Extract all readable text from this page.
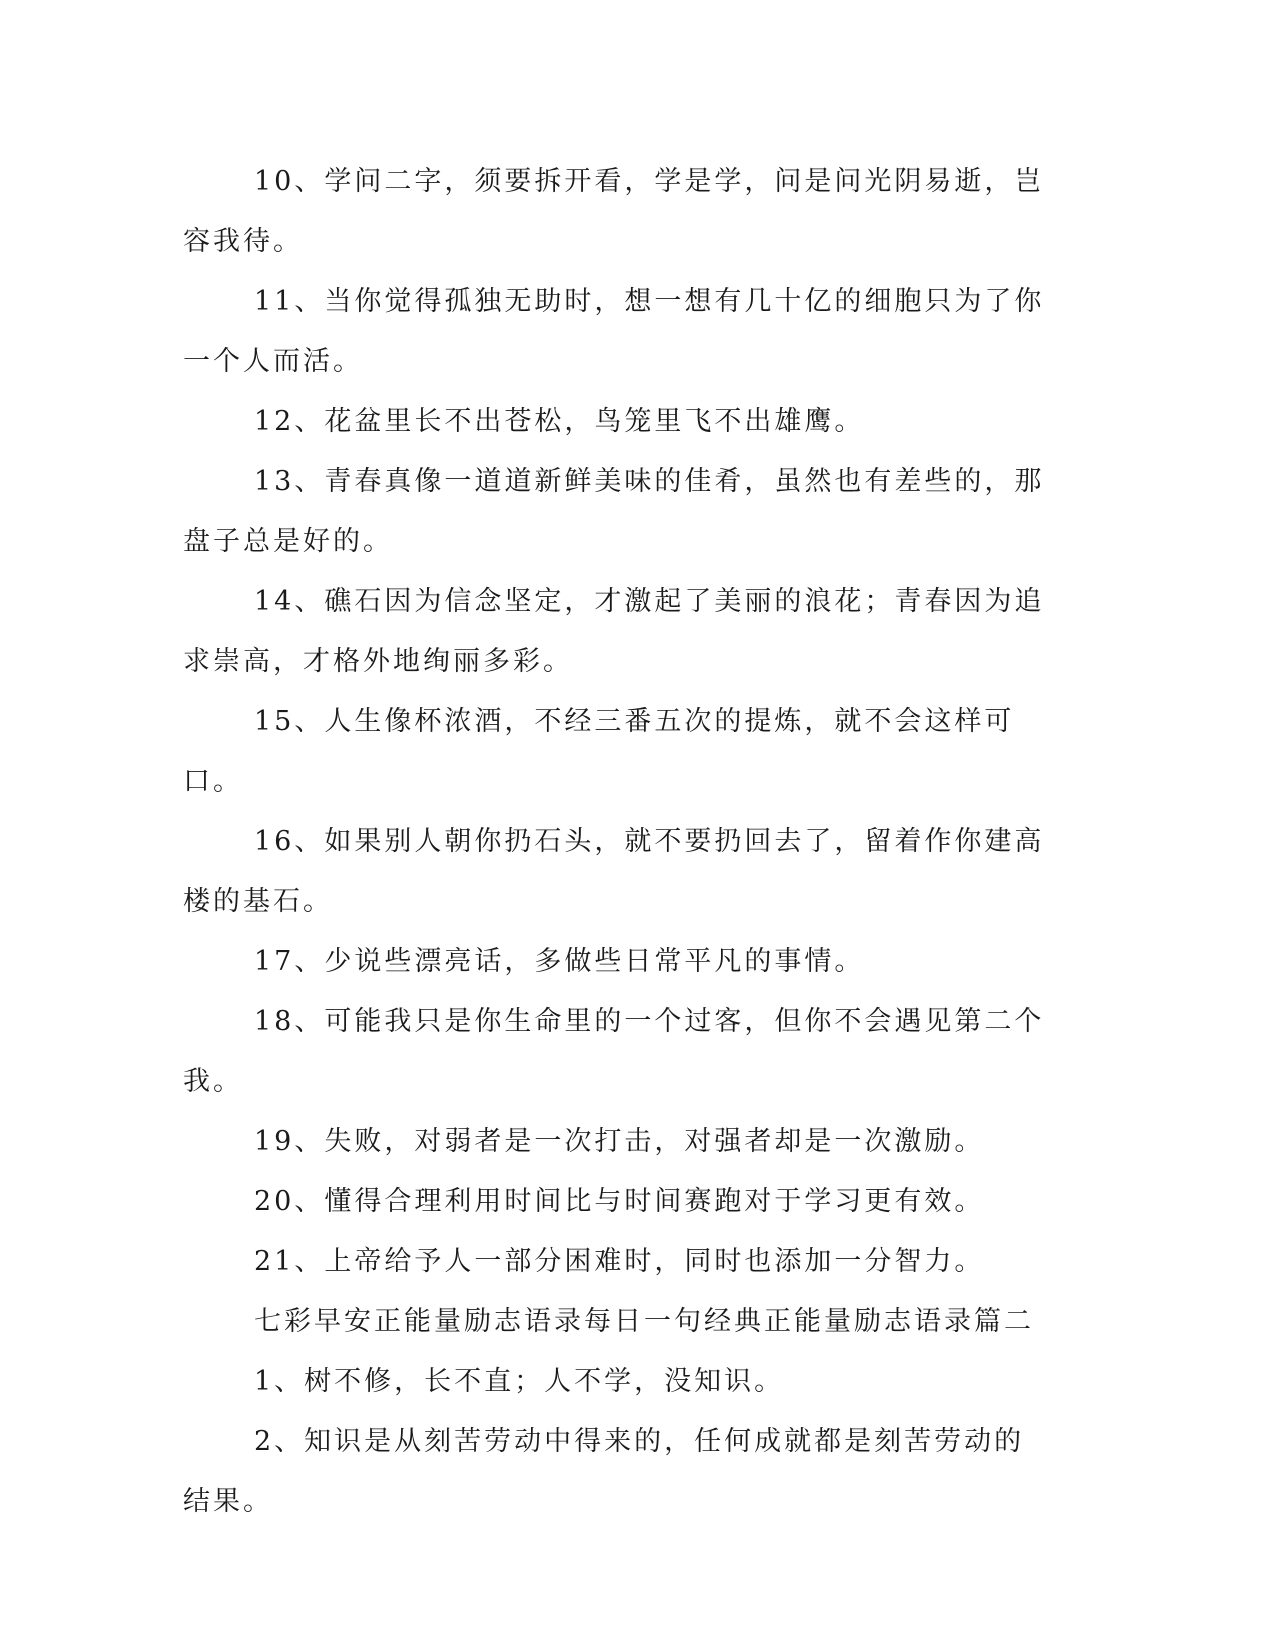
10、学问二字，须要拆开看，学是学，问是问光阴易逝，岂容我待。

11、当你觉得孤独无助时，想一想有几十亿的细胞只为了你一个人而活。

12、花盆里长不出苍松，鸟笼里飞不出雄鹰。

13、青春真像一道道新鲜美味的佳肴，虽然也有差些的，那盘子总是好的。

14、礁石因为信念坚定，才激起了美丽的浪花；青春因为追求崇高，才格外地绚丽多彩。

15、人生像杯浓酒，不经三番五次的提炼，就不会这样可口。

16、如果别人朝你扔石头，就不要扔回去了，留着作你建高楼的基石。

17、少说些漂亮话，多做些日常平凡的事情。

18、可能我只是你生命里的一个过客，但你不会遇见第二个我。

19、失败，对弱者是一次打击，对强者却是一次激励。

20、懂得合理利用时间比与时间赛跑对于学习更有效。

21、上帝给予人一部分困难时，同时也添加一分智力。

七彩早安正能量励志语录每日一句经典正能量励志语录篇二

1、树不修，长不直；人不学，没知识。

2、知识是从刻苦劳动中得来的，任何成就都是刻苦劳动的结果。
